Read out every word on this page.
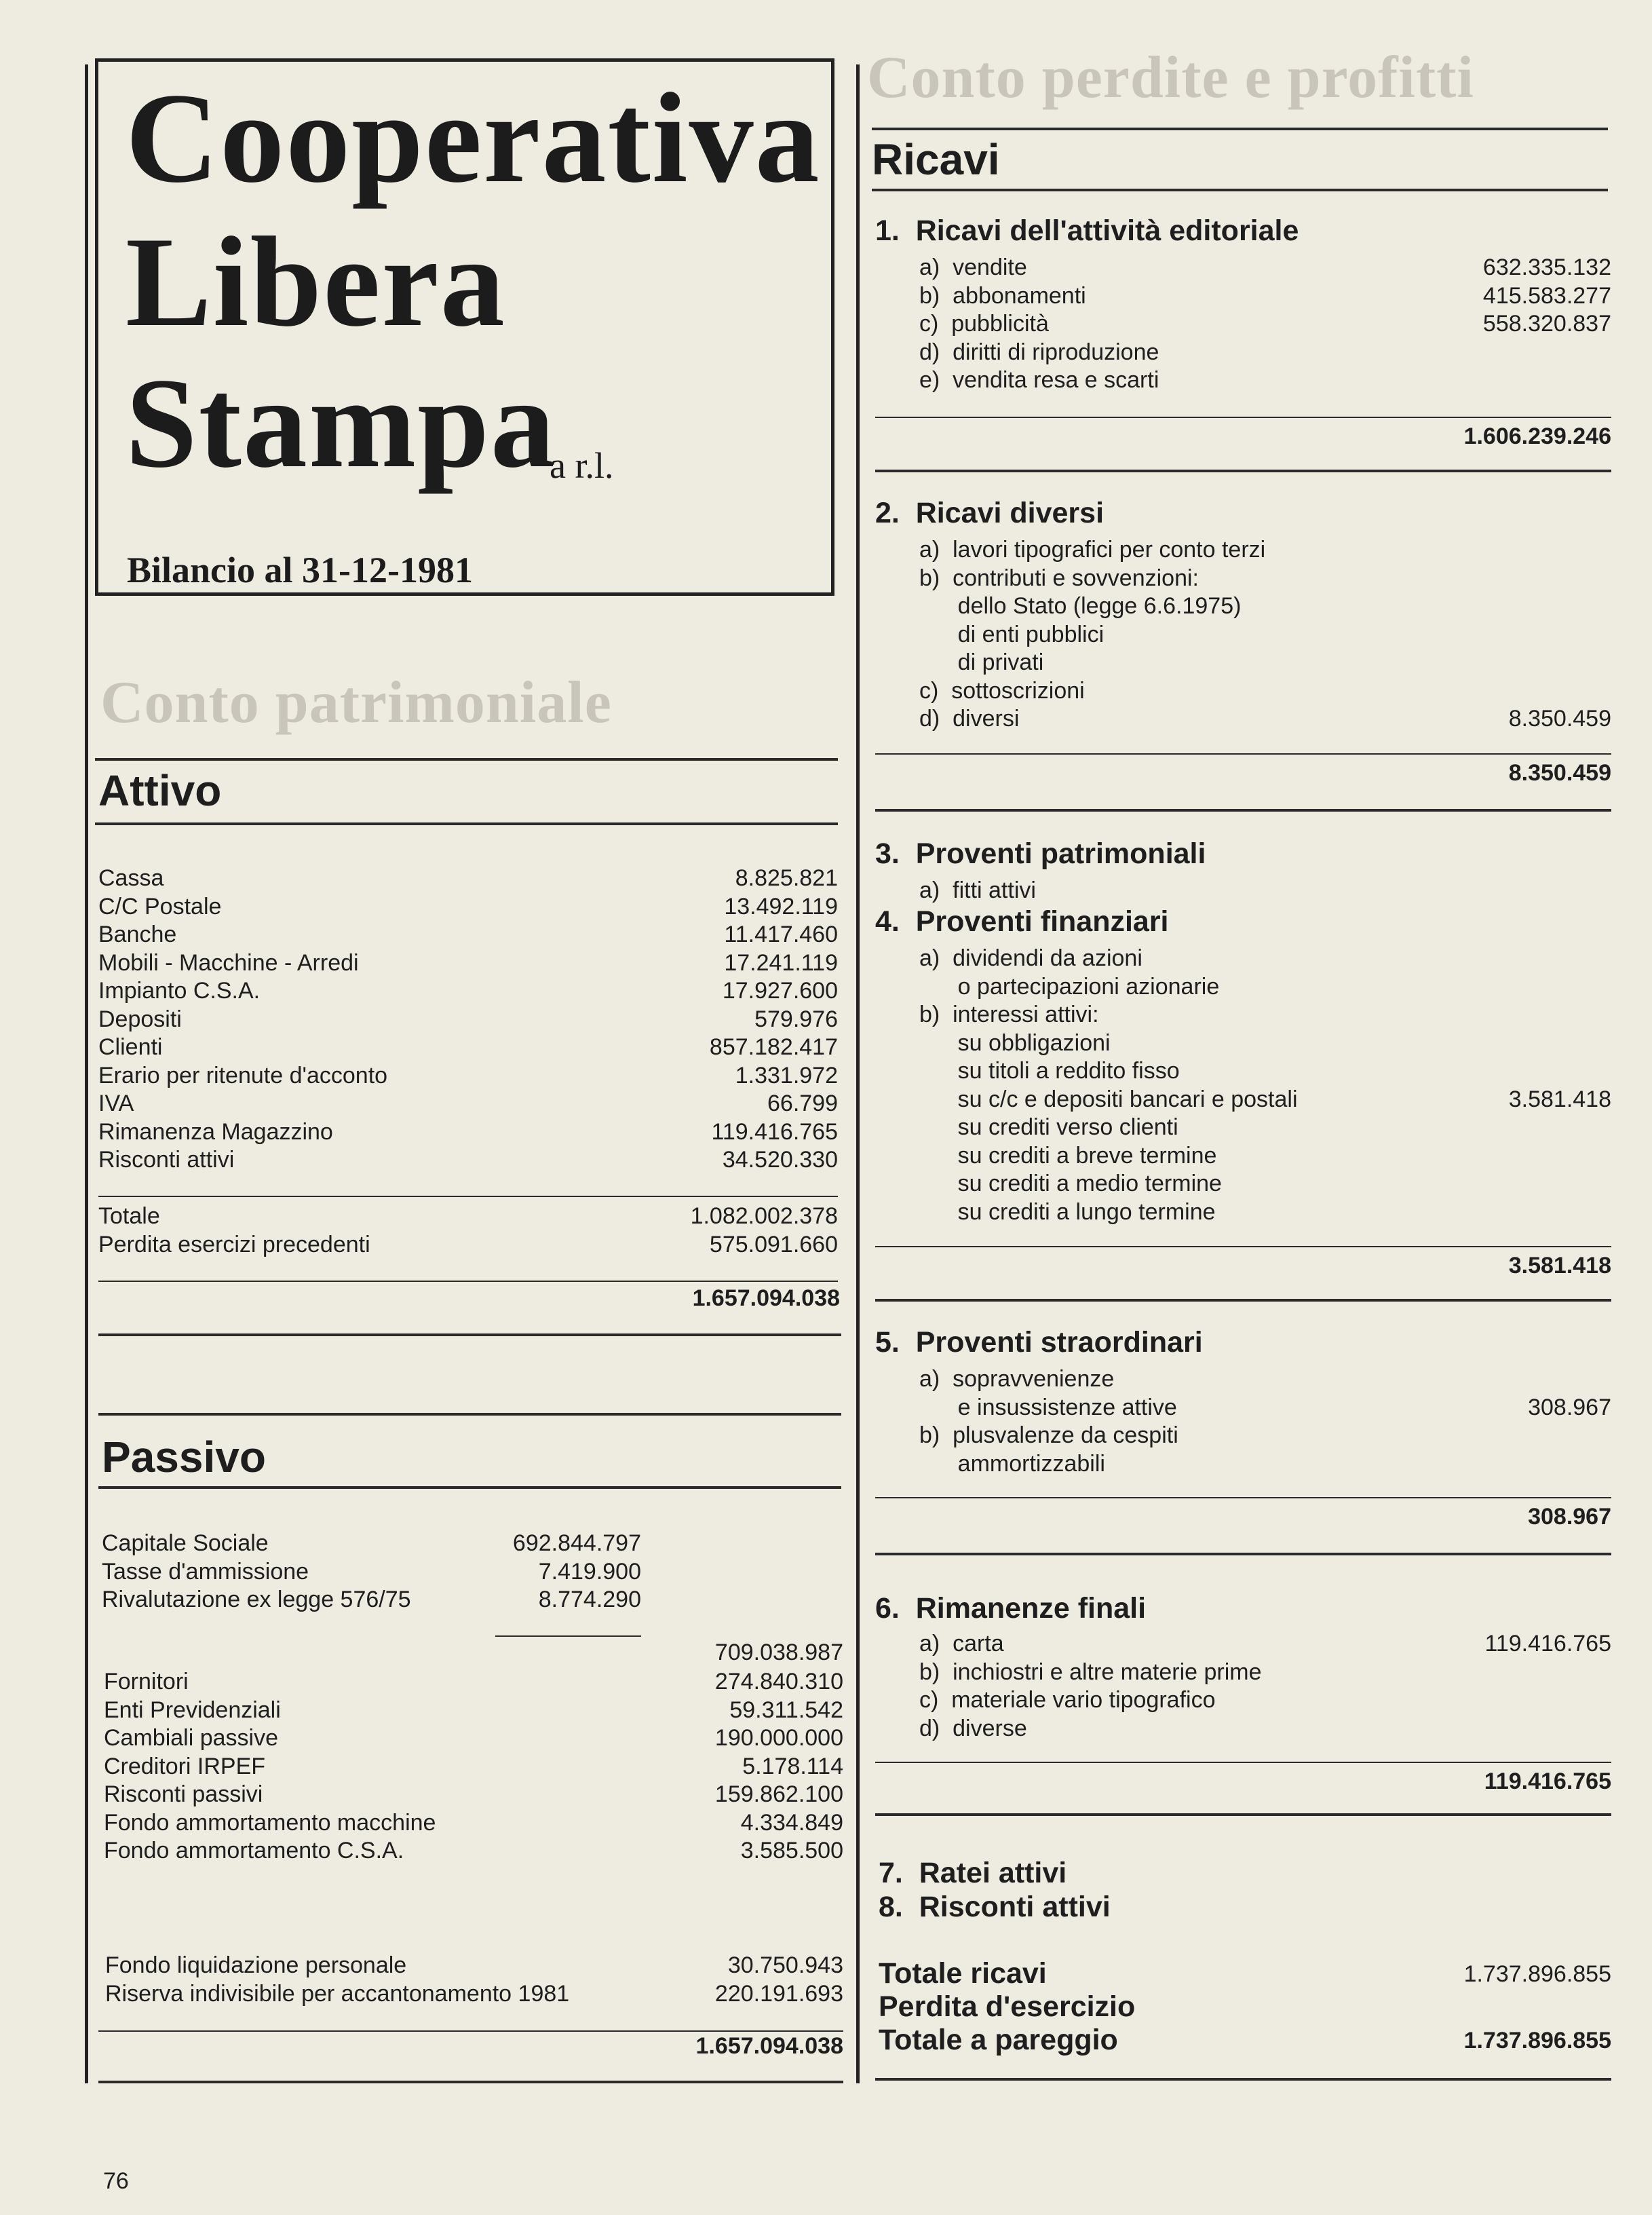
Cooperativa
Libera
Stampa
a r.l.
Bilancio al 31-12-1981
Conto patrimoniale
Attivo
Cassa	8.825.821
C/C Postale	13.492.119
Banche	11.417.460
Mobili - Macchine - Arredi	17.241.119
Impianto C.S.A.	17.927.600
Depositi	579.976
Clienti	857.182.417
Erario per ritenute d'acconto	1.331.972
IVA	66.799
Rimanenza Magazzino	119.416.765
Risconti attivi	34.520.330
Totale	1.082.002.378
Perdita esercizi precedenti	575.091.660
1.657.094.038
Passivo
Capitale Sociale	692.844.797
Tasse d'ammissione	7.419.900
Rivalutazione ex legge 576/75	8.774.290
709.038.987
Fornitori	274.840.310
Enti Previdenziali	59.311.542
Cambiali passive	190.000.000
Creditori IRPEF	5.178.114
Risconti passivi	159.862.100
Fondo ammortamento macchine	4.334.849
Fondo ammortamento C.S.A.	3.585.500
Fondo liquidazione personale	30.750.943
Riserva indivisibile per accantonamento 1981	220.191.693
1.657.094.038
76
Conto perdite e profitti
Ricavi
1.  Ricavi dell'attività editoriale
a)  vendite	632.335.132
b)  abbonamenti	415.583.277
c)  pubblicità	558.320.837
d)  diritti di riproduzione
e)  vendita resa e scarti
1.606.239.246
2.  Ricavi diversi
a)  lavori tipografici per conto terzi
b)  contributi e sovvenzioni:
dello Stato (legge 6.6.1975)
di enti pubblici
di privati
c)  sottoscrizioni
d)  diversi	8.350.459
8.350.459
3.  Proventi patrimoniali
a)  fitti attivi
4.  Proventi finanziari
a)  dividendi da azioni
o partecipazioni azionarie
b)  interessi attivi:
su obbligazioni
su titoli a reddito fisso
su c/c e depositi bancari e postali	3.581.418
su crediti verso clienti
su crediti a breve termine
su crediti a medio termine
su crediti a lungo termine
3.581.418
5.  Proventi straordinari
a)  sopravvenienze
e insussistenze attive	308.967
b)  plusvalenze da cespiti
ammortizzabili
308.967
6.  Rimanenze finali
a)  carta	119.416.765
b)  inchiostri e altre materie prime
c)  materiale vario tipografico
d)  diverse
119.416.765
7.  Ratei attivi
8.  Risconti attivi
Totale ricavi	1.737.896.855
Perdita d'esercizio
Totale a pareggio	1.737.896.855
